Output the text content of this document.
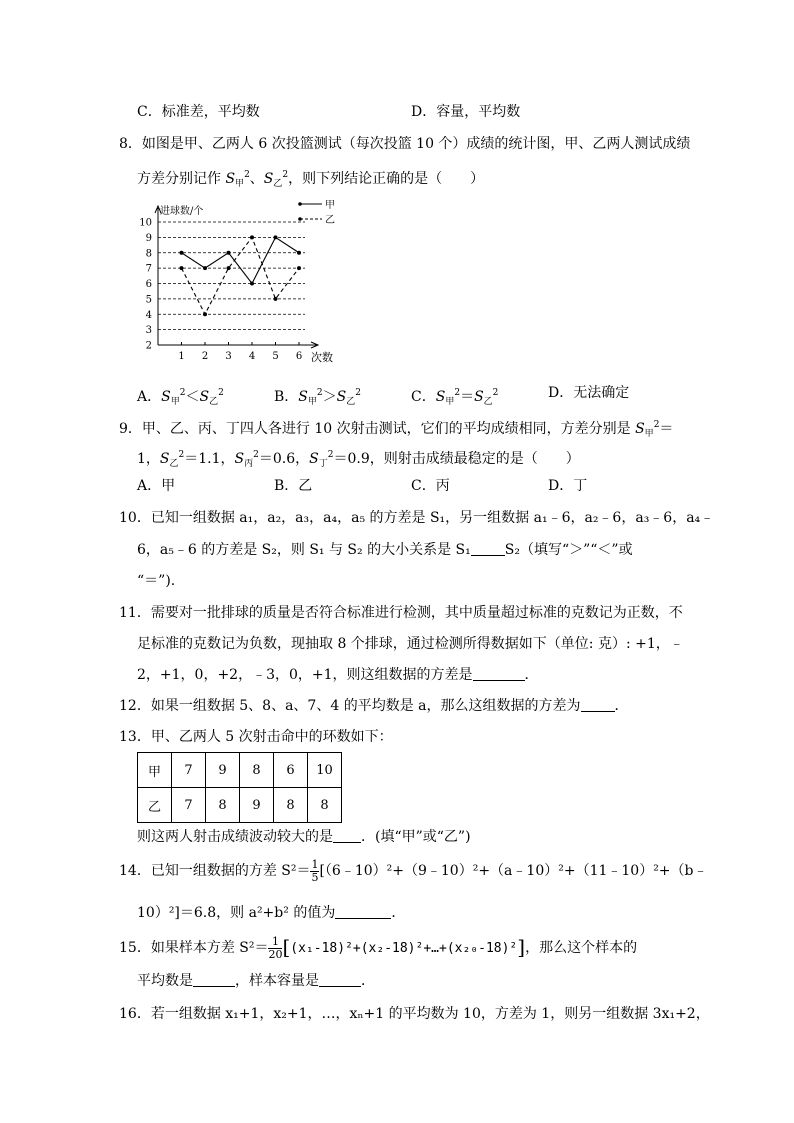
C．标准差，平均数	D．容量，平均数
8．如图是甲、乙两人 6 次投篮测试（每次投篮 10 个）成绩的统计图，甲、乙两人测试成绩
方差分别记作 $S_甲^2$、$S_乙^2$，则下列结论正确的是（　　）
2
3
4
5
6
7
8
9
10
1 2 3 4 5 6
进球数/个
次数
甲
乙
A．$S_甲^2<S_乙^2$	B．$S_甲^2>S_乙^2$	C．$S_甲^2=S_乙^2$	D．无法确定
9．甲、乙、丙、丁四人各进行 10 次射击测试，它们的平均成绩相同，方差分别是 $S_甲^2=$
1，$S_乙^2=1.1$，$S_丙^2=0.6$，$S_丁^2=0.9$，则射击成绩最稳定的是（　　）
A．甲	B．乙	C．丙	D．丁
10．已知一组数据 a₁，a₂，a₃，a₄，a₅ 的方差是 S₁，另一组数据 a₁﹣6，a₂﹣6，a₃﹣6，a₄﹣
6，a₅﹣6 的方差是 S₂，则 S₁ 与 S₂ 的大小关系是 S₁ S₂（填写“＞”“＜”或
“＝”).
11．需要对一批排球的质量是否符合标准进行检测，其中质量超过标准的克数记为正数，不
足标准的克数记为负数，现抽取 8 个排球，通过检测所得数据如下（单位: 克）: +1，﹣
2，+1，0，+2，﹣3，0，+1，则这组数据的方差是	．
12．如果一组数据 5、8、a、7、4 的平均数是 a，那么这组数据的方差为 ．
13．甲、乙两人 5 次射击命中的环数如下：
甲	7	9	8	6	10
乙	7	8	9	8	8
则这两人射击成绩波动较大的是 ．(填“甲”或“乙”)
14．已知一组数据的方差 $S^2= \frac{1}{5}$ [（6﹣10）²+（9﹣10）²+（a﹣10）²+（11﹣10）²+（b﹣
10）²]＝6.8，则 a²+b² 的值为	．
15．如果样本方差 $S^2= \frac{1}{20}$ [(x₁-18)²+(x₂-18)²+…+(x₂₀-18)²]，那么这个样本的
平均数是	，样本容量是	．
16．若一组数据 x₁+1，x₂+1，…，xₙ+1 的平均数为 10，方差为 1，则另一组数据 3x₁+2，
